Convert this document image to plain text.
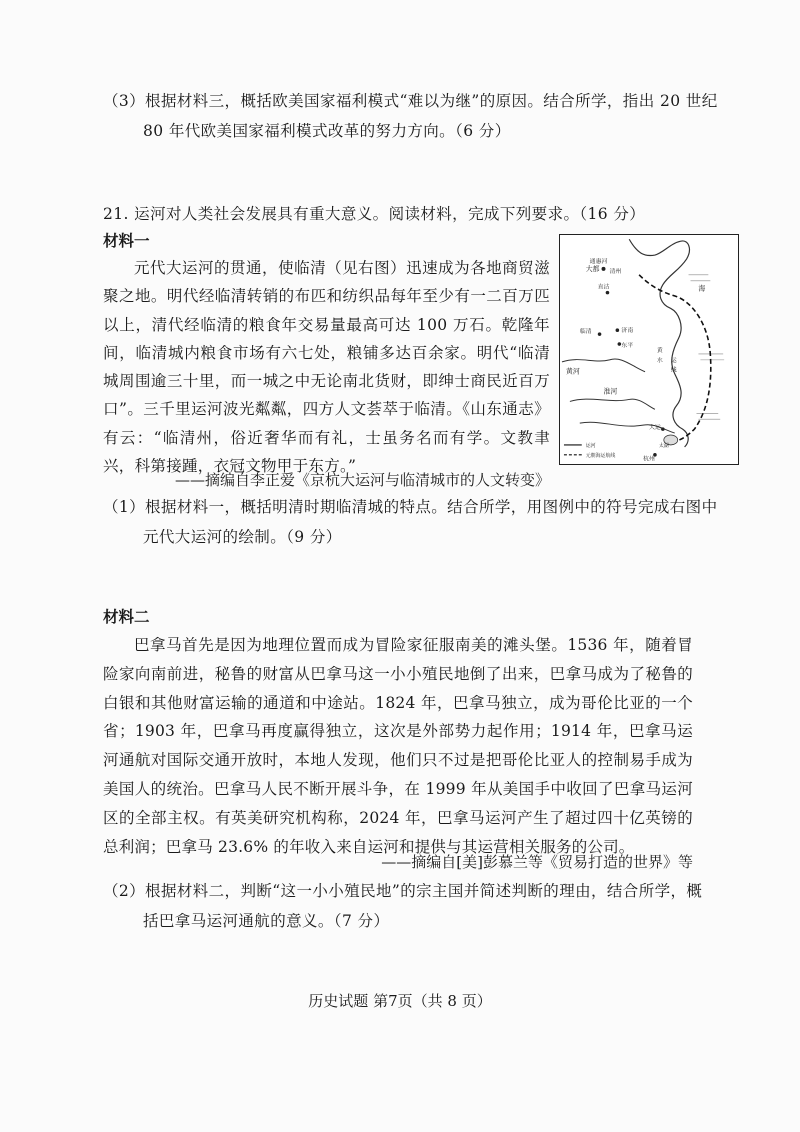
（3）根据材料三，概括欧美国家福利模式“难以为继”的原因。结合所学，指出 20 世纪

80 年代欧美国家福利模式改革的努力方向。（6 分）

21. 运河对人类社会发展具有重大意义。阅读材料，完成下列要求。（16 分）

材料一

元代大运河的贯通，使临清（见右图）迅速成为各地商贸滋聚之地。明代经临清转销的布匹和纺织品每年至少有一二百万匹以上，清代经临清的粮食年交易量最高可达 100 万石。乾隆年间，临清城内粮食市场有六七处，粮铺多达百余家。明代“临清城周围逾三十里，而一城之中无论南北货财，即绅士商民近百万口”。三千里运河波光粼粼，四方人文荟萃于临清。《山东通志》有云：“临清州，俗近奢华而有礼，士虽务名而有学。文教聿兴，科第接踵，衣冠文物甲于东方。”

——摘编自李正爱《京杭大运河与临清城市的人文转变》

通惠河
大都 清州
直沽
临清	济南
东平
黄河
淮河
黄
水 运
线
大运
海
太湖
杭州
运河
元朝海运航线

（1）根据材料一，概括明清时期临清城的特点。结合所学，用图例中的符号完成右图中

元代大运河的绘制。（9 分）

材料二

巴拿马首先是因为地理位置而成为冒险家征服南美的滩头堡。1536 年，随着冒险家向南前进，秘鲁的财富从巴拿马这一小小殖民地倒了出来，巴拿马成为了秘鲁的白银和其他财富运输的通道和中途站。1824 年，巴拿马独立，成为哥伦比亚的一个省；1903 年，巴拿马再度赢得独立，这次是外部势力起作用；1914 年，巴拿马运河通航对国际交通开放时，本地人发现，他们只不过是把哥伦比亚人的控制易手成为美国人的统治。巴拿马人民不断开展斗争，在 1999 年从美国手中收回了巴拿马运河区的全部主权。有英美研究机构称，2024 年，巴拿马运河产生了超过四十亿英镑的总利润；巴拿马 23.6% 的年收入来自运河和提供与其运营相关服务的公司。

——摘编自[美]彭慕兰等《贸易打造的世界》等

（2）根据材料二，判断“这一小小殖民地”的宗主国并简述判断的理由，结合所学，概

括巴拿马运河通航的意义。（7 分）

历史试题 第7页（共 8 页）
